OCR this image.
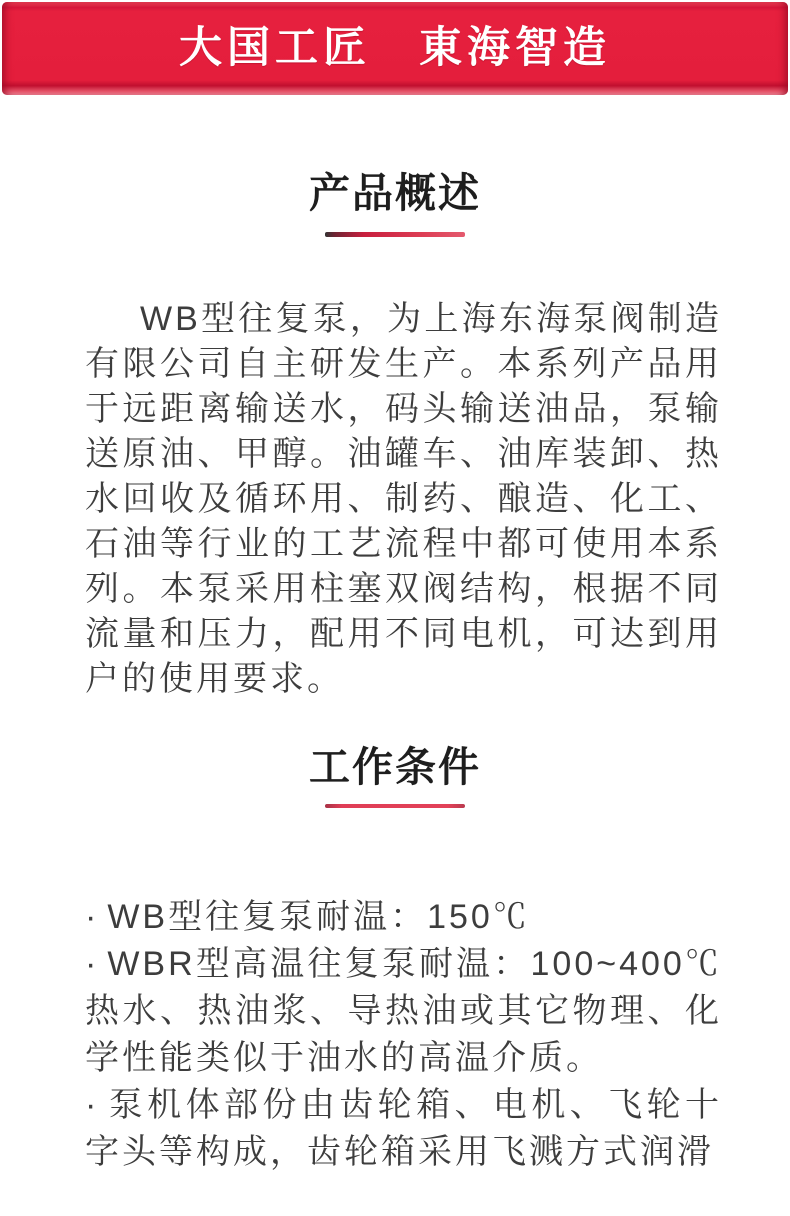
大国工匠　東海智造
产品概述

WB型往复泵，为上海东海泵阀制造有限公司自主研发生产。本系列产品用于远距离输送水，码头输送油品，泵输送原油、甲醇。油罐车、油库装卸、热水回收及循环用、制药、酿造、化工、石油等行业的工艺流程中都可使用本系列。本泵采用柱塞双阀结构，根据不同流量和压力，配用不同电机，可达到用户的使用要求。

工作条件

· WB型往复泵耐温：150℃

· WBR型高温往复泵耐温：100~400℃热水、热油浆、导热油或其它物理、化学性能类似于油水的高温介质。

· 泵机体部份由齿轮箱、电机、飞轮十字头等构成，齿轮箱采用飞溅方式润滑
